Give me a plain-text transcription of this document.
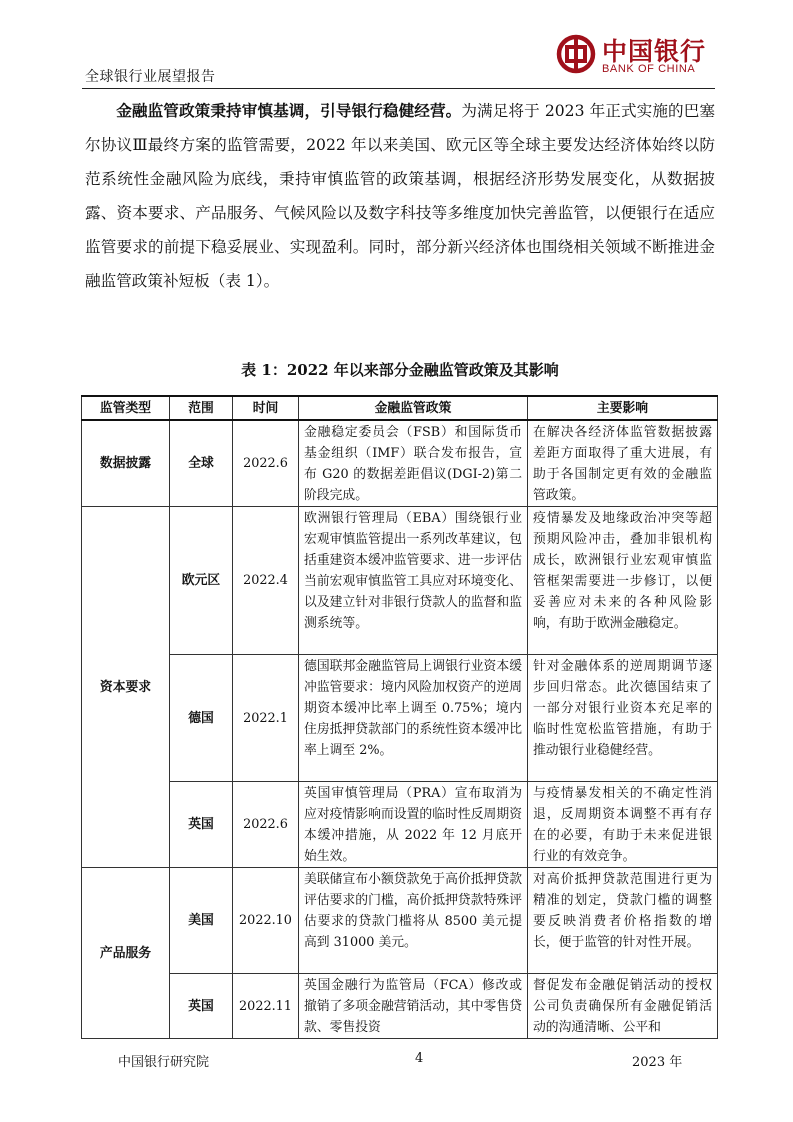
全球银行业展望报告
中国银行
BANK OF CHINA
金融监管政策秉持审慎基调，引导银行稳健经营。为满足将于 2023 年正式实施的巴塞尔协议Ⅲ最终方案的监管需要，2022 年以来美国、欧元区等全球主要发达经济体始终以防范系统性金融风险为底线，秉持审慎监管的政策基调，根据经济形势发展变化，从数据披露、资本要求、产品服务、气候风险以及数字科技等多维度加快完善监管，以便银行在适应监管要求的前提下稳妥展业、实现盈利。同时，部分新兴经济体也围绕相关领域不断推进金融监管政策补短板（表 1）。
表 1：2022 年以来部分金融监管政策及其影响
监管类型	范围	时间	金融监管政策	主要影响
数据披露	全球	2022.6	金融稳定委员会（FSB）和国际货币基金组织（IMF）联合发布报告，宣布 G20 的数据差距倡议(DGI-2)第二阶段完成。	在解决各经济体监管数据披露差距方面取得了重大进展，有助于各国制定更有效的金融监管政策。
资本要求	欧元区	2022.4	欧洲银行管理局（EBA）围绕银行业宏观审慎监管提出一系列改革建议，包括重建资本缓冲监管要求、进一步评估当前宏观审慎监管工具应对环境变化、以及建立针对非银行贷款人的监督和监测系统等。	疫情暴发及地缘政治冲突等超预期风险冲击，叠加非银机构成长，欧洲银行业宏观审慎监管框架需要进一步修订，以便妥善应对未来的各种风险影响，有助于欧洲金融稳定。
	德国	2022.1	德国联邦金融监管局上调银行业资本缓冲监管要求：境内风险加权资产的逆周期资本缓冲比率上调至 0.75%；境内住房抵押贷款部门的系统性资本缓冲比率上调至 2%。	针对金融体系的逆周期调节逐步回归常态。此次德国结束了一部分对银行业资本充足率的临时性宽松监管措施，有助于推动银行业稳健经营。
	英国	2022.6	英国审慎管理局（PRA）宣布取消为应对疫情影响而设置的临时性反周期资本缓冲措施，从 2022 年 12 月底开始生效。	与疫情暴发相关的不确定性消退，反周期资本调整不再有存在的必要，有助于未来促进银行业的有效竞争。
产品服务	美国	2022.10	美联储宣布小额贷款免于高价抵押贷款评估要求的门槛，高价抵押贷款特殊评估要求的贷款门槛将从 8500 美元提高到 31000 美元。	对高价抵押贷款范围进行更为精准的划定，贷款门槛的调整要反映消费者价格指数的增长，便于监管的针对性开展。
	英国	2022.11	英国金融行为监管局（FCA）修改或撤销了多项金融营销活动，其中零售贷款、零售投资	督促发布金融促销活动的授权公司负责确保所有金融促销活动的沟通清晰、公平和
中国银行研究院	4	2023 年
